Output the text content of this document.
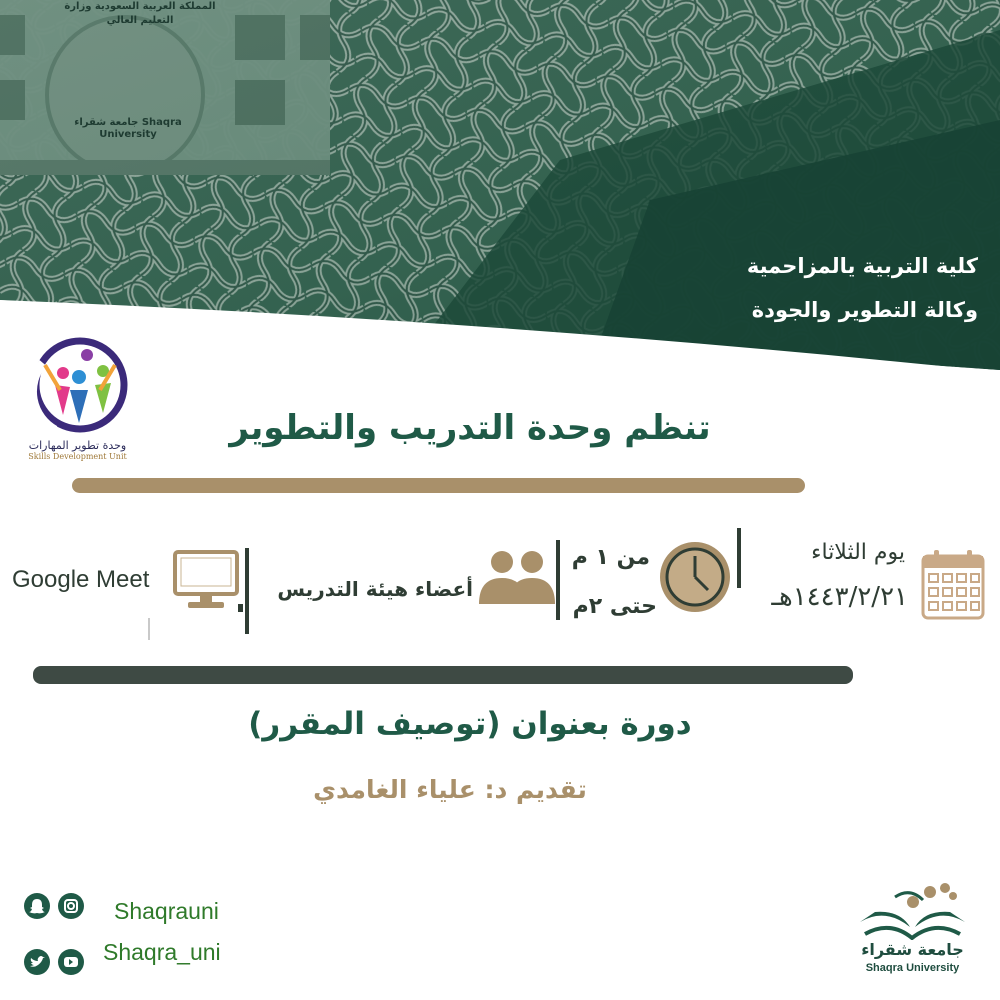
المملكة العربية السعودية وزارة التعليم العالي
جامعة شقراء Shaqra University
كلية التربية يالمزاحمية
وكالة التطوير والجودة
وحدة تطوير المهارات
Skills Development Unit
تنظم وحدة التدريب والتطوير
يوم الثلاثاء
١٤٤٣/٢/٢١هـ
من ١ م
حتى ٢م
أعضاء هيئة التدريس
Google Meet
دورة بعنوان (توصيف المقرر)
تقديم د: علياء الغامدي
Shaqrauni
Shaqra_uni	جامعة شقراء
Shaqra University
